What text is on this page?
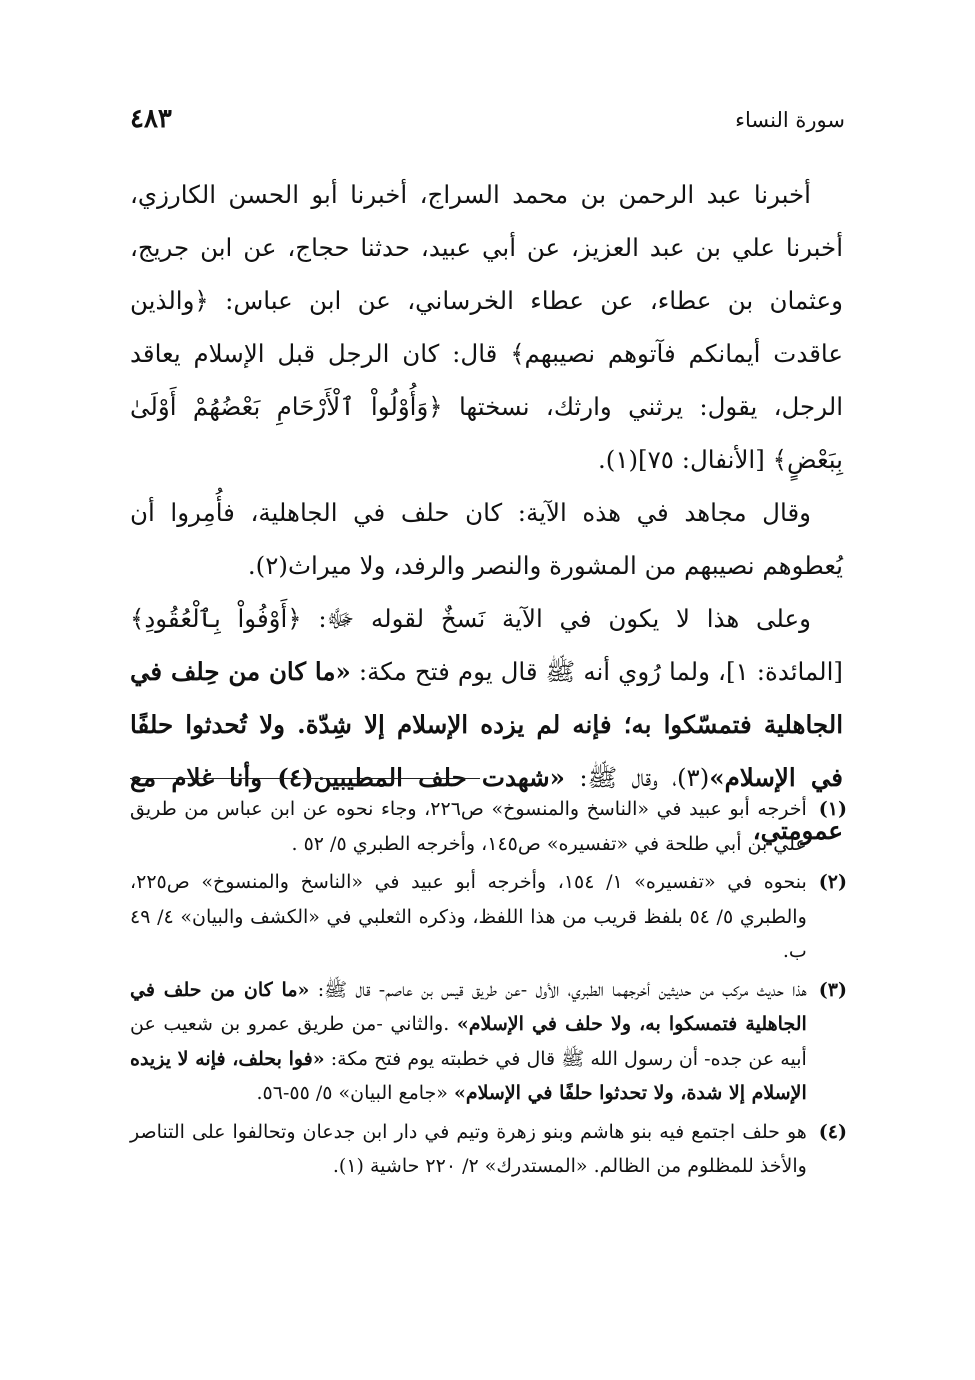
سورة النساء
٤٨٣

أخبرنا عبد الرحمن بن محمد السراج، أخبرنا أبو الحسن الكارزي، أخبرنا علي بن عبد العزيز، عن أبي عبيد، حدثنا حجاج، عن ابن جريج، وعثمان بن عطاء، عن عطاء الخرساني، عن ابن عباس: ﴿والذين عاقدت أيمانكم فآتوهم نصيبهم﴾ قال: كان الرجل قبل الإسلام يعاقد الرجل، يقول: يرثني وارثك، نسختها ﴿وَأُوْلُواْ ٱلْأَرْحَامِ بَعْضُهُمْ أَوْلَىٰ بِبَعْضٍ﴾ [الأنفال: ٧٥](١).

وقال مجاهد في هذه الآية: كان حلف في الجاهلية، فأُمِروا أن يُعطوهم نصيبهم من المشورة والنصر والرفد، ولا ميراث(٢).

وعلى هذا لا يكون في الآية نَسخٌ لقوله ﷻ: ﴿أَوْفُواْ بِٱلْعُقُودِ﴾ [المائدة: ١]، ولما رُوي أنه ﷺ قال يوم فتح مكة: «ما كان من حِلف في الجاهلية فتمسّكوا به؛ فإنه لم يزده الإسلام إلا شِدّة. ولا تُحدثوا حلفًا في الإسلام»(٣)، وقال ﷺ: «شهدت حلف المطيبين(٤) وأنا غلام مع عمومتي،

(١)
أخرجه أبو عبيد في «الناسخ والمنسوخ» ص٢٢٦، وجاء نحوه عن ابن عباس من طريق علي بن أبي طلحة في «تفسيره» ص١٤٥، وأخرجه الطبري ٥/ ٥٢ .
(٢)
بنحوه في «تفسيره» ١/ ١٥٤، وأخرجه أبو عبيد في «الناسخ والمنسوخ» ص٢٢٥، والطبري ٥/ ٥٤ بلفظ قريب من هذا اللفظ، وذكره الثعلبي في «الكشف والبيان» ٤/ ٤٩ ب.
(٣)
هذا حديث مركب من حديثين أخرجهما الطبري، الأول -عن طريق قيس بن عاصم- قال ﷺ: «ما كان من حلف في الجاهلية فتمسكوا به، ولا حلف في الإسلام» .والثاني -من طريق عمرو بن شعيب عن أبيه عن جده- أن رسول الله ﷺ قال في خطبته يوم فتح مكة: «فوا بحلف، فإنه لا يزيده الإسلام إلا شدة، ولا تحدثوا حلفًا في الإسلام» «جامع البيان» ٥/ ٥٥-٥٦.
(٤)
هو حلف اجتمع فيه بنو هاشم وبنو زهرة وتيم في دار ابن جدعان وتحالفوا على التناصر والأخذ للمظلوم من الظالم. «المستدرك» ٢/ ٢٢٠ حاشية (١).
